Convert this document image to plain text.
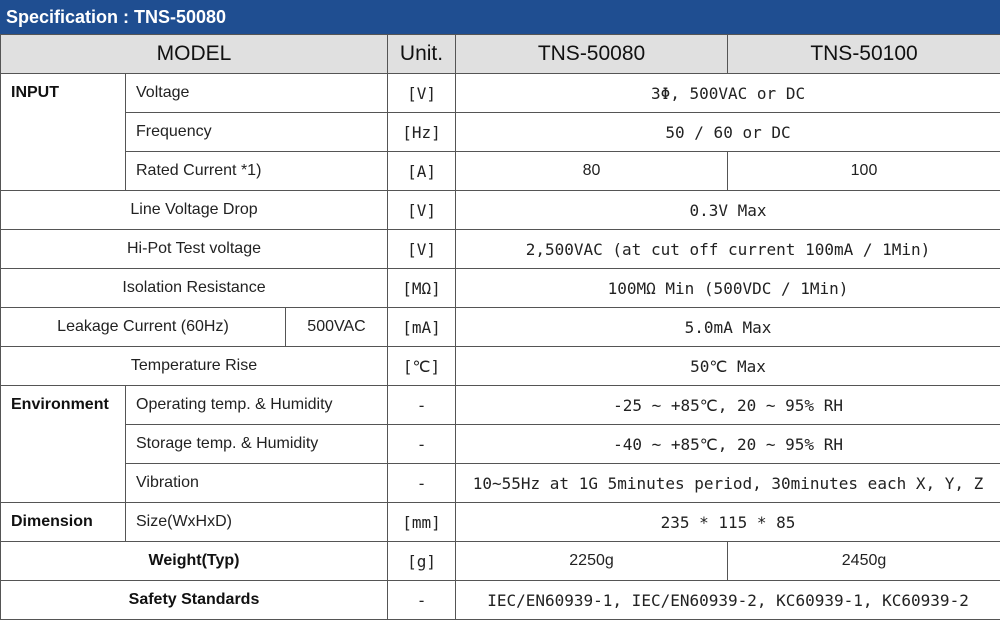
Specification : TNS-50080
MODEL			Unit.	TNS-50080	TNS-50100
INPUT	Voltage		[V]	3Φ, 500VAC or DC	
	Frequency		[Hz]	50 / 60 or DC	
	Rated Current *1)		[A]	80	100
Line Voltage Drop			[V]	0.3V Max	
Hi-Pot Test voltage			[V]	2,500VAC (at cut off current 100mA / 1Min)	
Isolation Resistance			[MΩ]	100MΩ Min (500VDC / 1Min)	
Leakage Current (60Hz)		500VAC	[mA]	5.0mA Max	
Temperature Rise			[℃]	50℃ Max	
Environment	Operating temp. & Humidity		-	-25 ~ +85℃, 20 ~ 95% RH	
	Storage temp. & Humidity		-	-40 ~ +85℃, 20 ~ 95% RH	
	Vibration		-	10~55Hz at 1G 5minutes period, 30minutes each X, Y, Z	
Dimension	Size(WxHxD)		[mm]	235 * 115 * 85	
Weight(Typ)			[g]	2250g	2450g
Safety Standards			-	IEC/EN60939-1, IEC/EN60939-2, KC60939-1, KC60939-2	
